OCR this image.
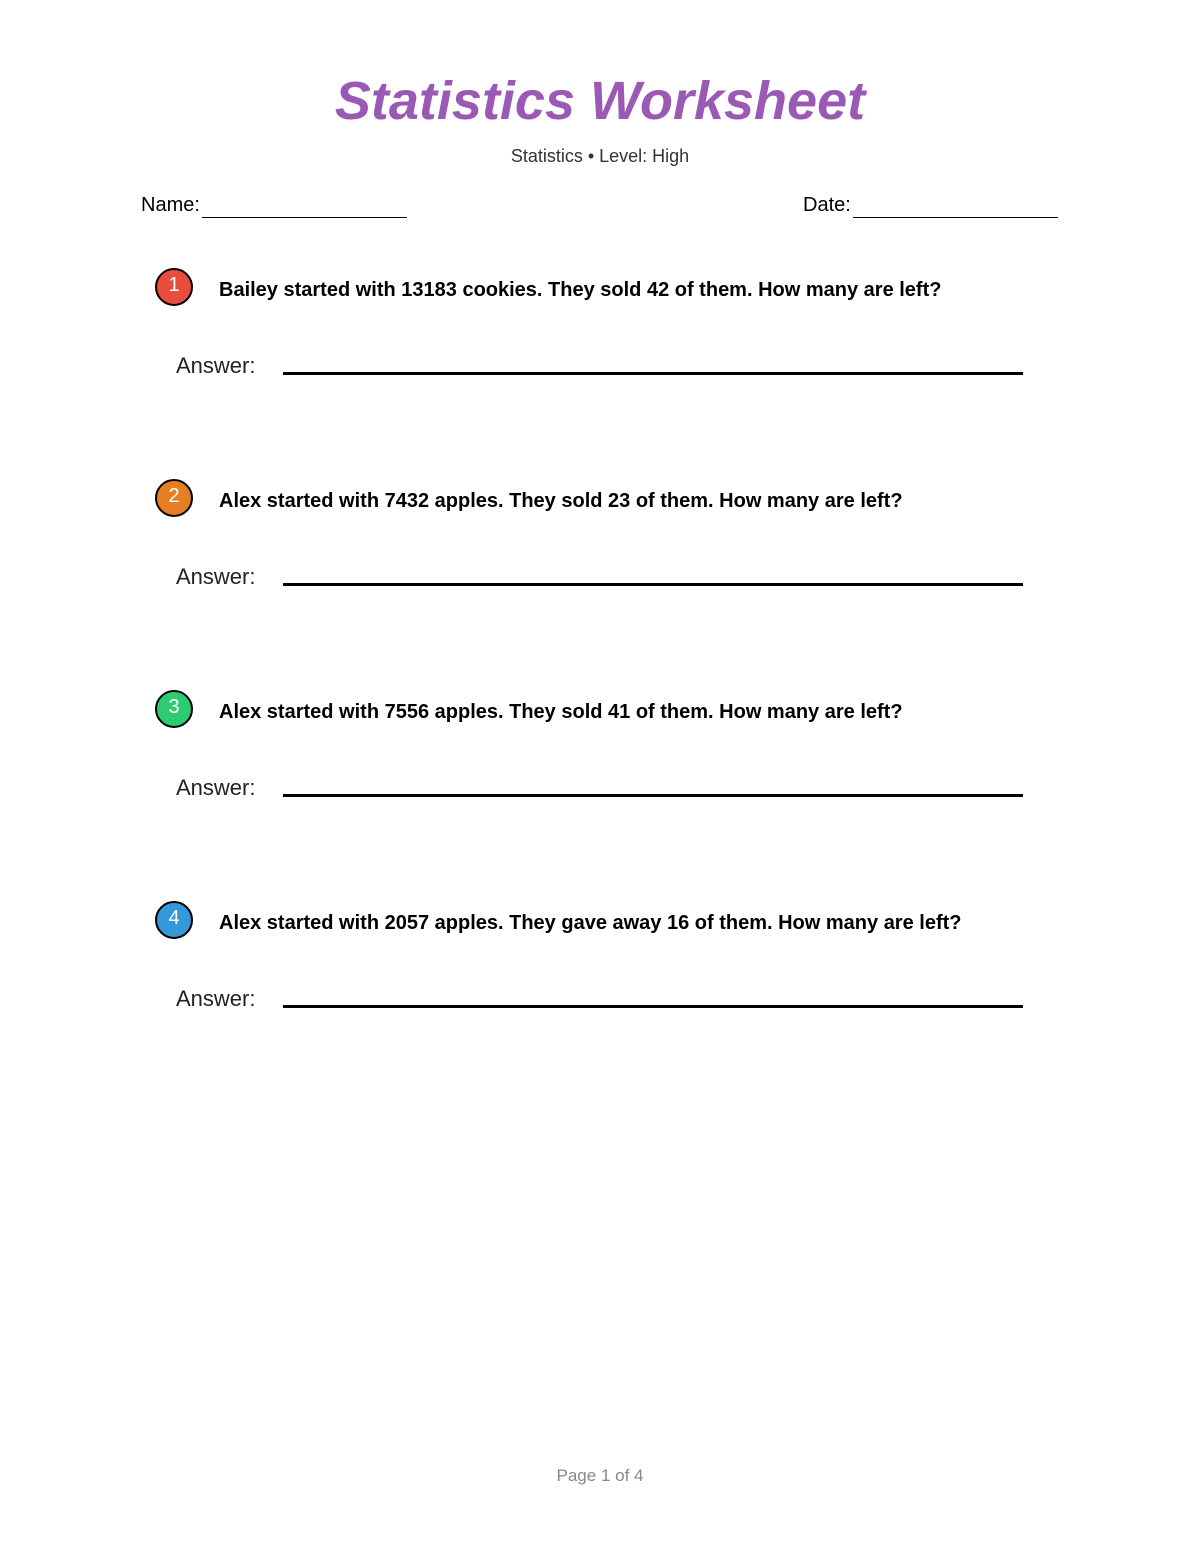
Statistics Worksheet
Statistics • Level: High
Name:	Date:
1	Bailey started with 13183 cookies. They sold 42 of them. How many are left?
Answer:
2	Alex started with 7432 apples. They sold 23 of them. How many are left?
Answer:
3	Alex started with 7556 apples. They sold 41 of them. How many are left?
Answer:
4	Alex started with 2057 apples. They gave away 16 of them. How many are left?
Answer:
Page 1 of 4
